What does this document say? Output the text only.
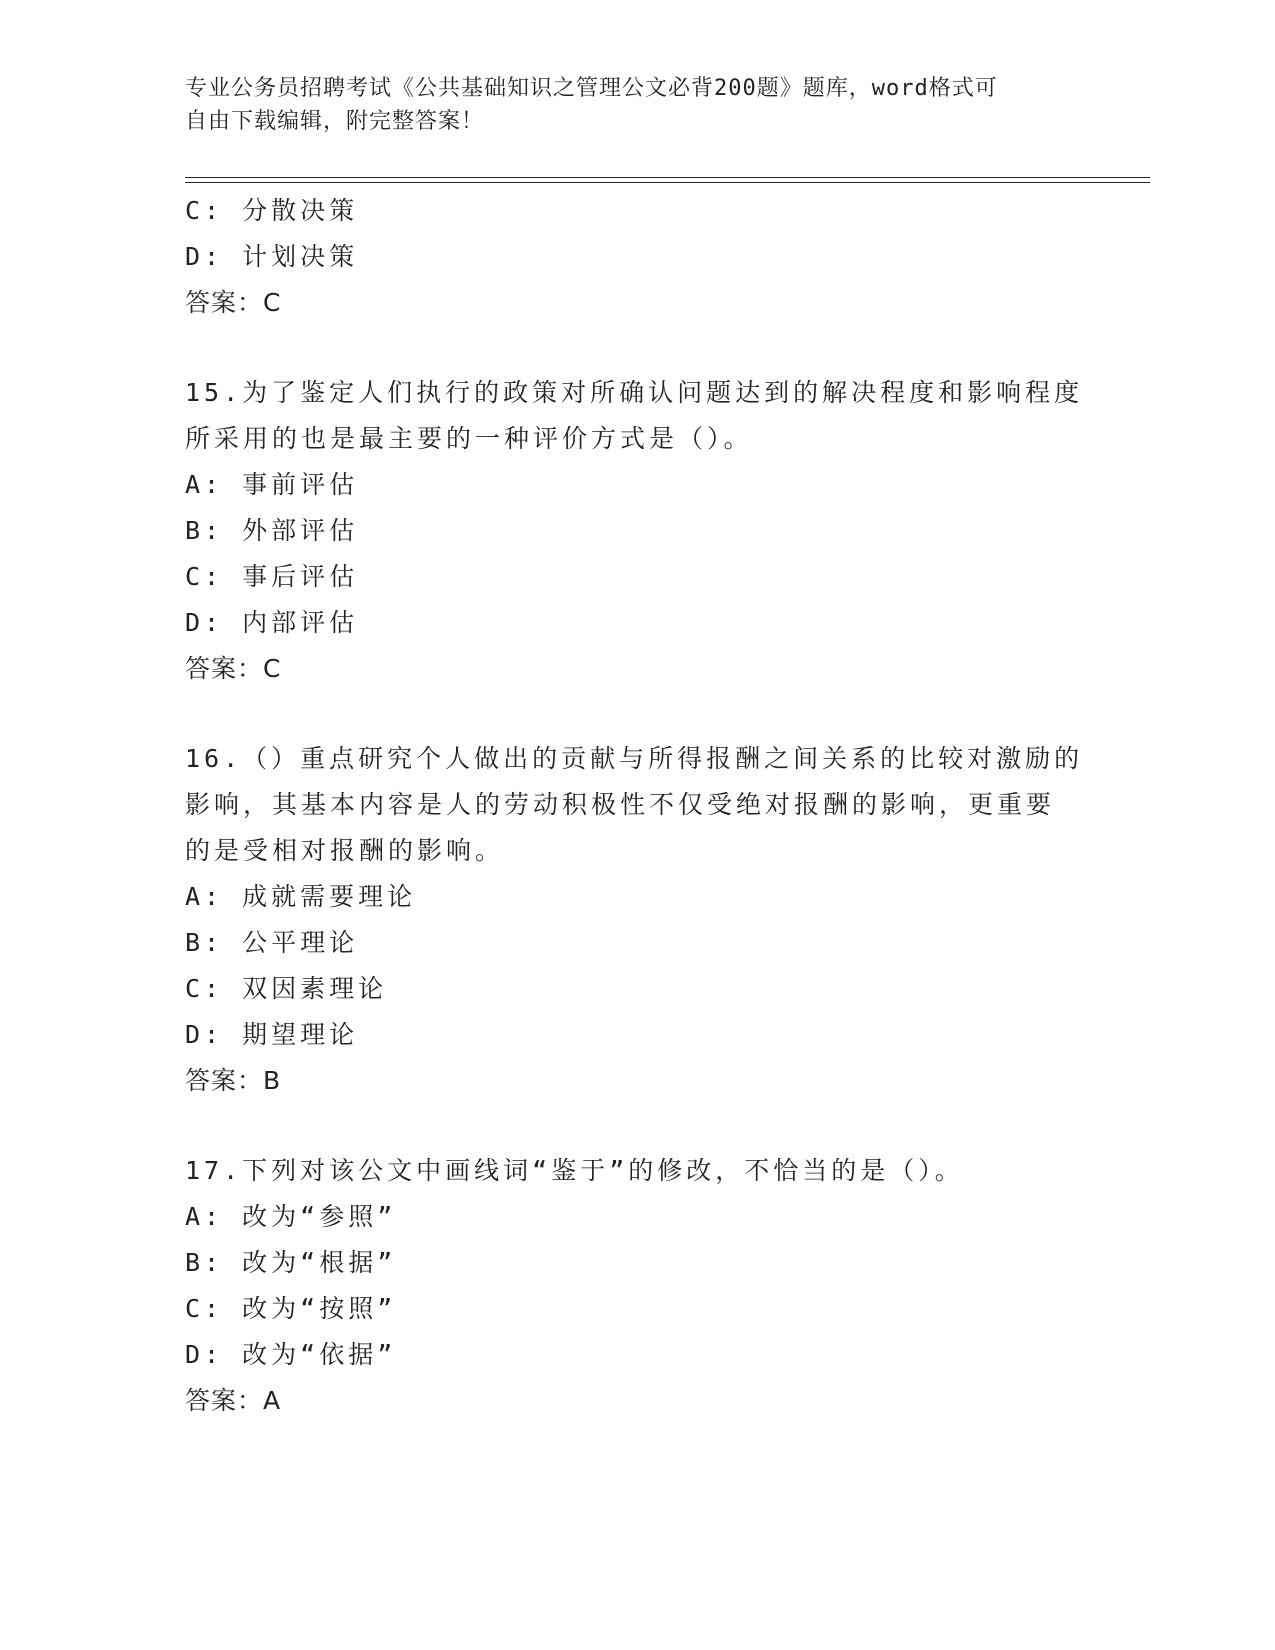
专业公务员招聘考试《公共基础知识之管理公文必背200题》题库，word格式可
自由下载编辑，附完整答案！
C: 分散决策
D: 计划决策
答案：C
15.为了鉴定人们执行的政策对所确认问题达到的解决程度和影响程度
所采用的也是最主要的一种评价方式是（）。
A: 事前评估
B: 外部评估
C: 事后评估
D: 内部评估
答案：C
16.（）重点研究个人做出的贡献与所得报酬之间关系的比较对激励的
影响，其基本内容是人的劳动积极性不仅受绝对报酬的影响，更重要
的是受相对报酬的影响。
A: 成就需要理论
B: 公平理论
C: 双因素理论
D: 期望理论
答案：B
17.下列对该公文中画线词“鉴于”的修改，不恰当的是（）。
A: 改为“参照”
B: 改为“根据”
C: 改为“按照”
D: 改为“依据”
答案：A
